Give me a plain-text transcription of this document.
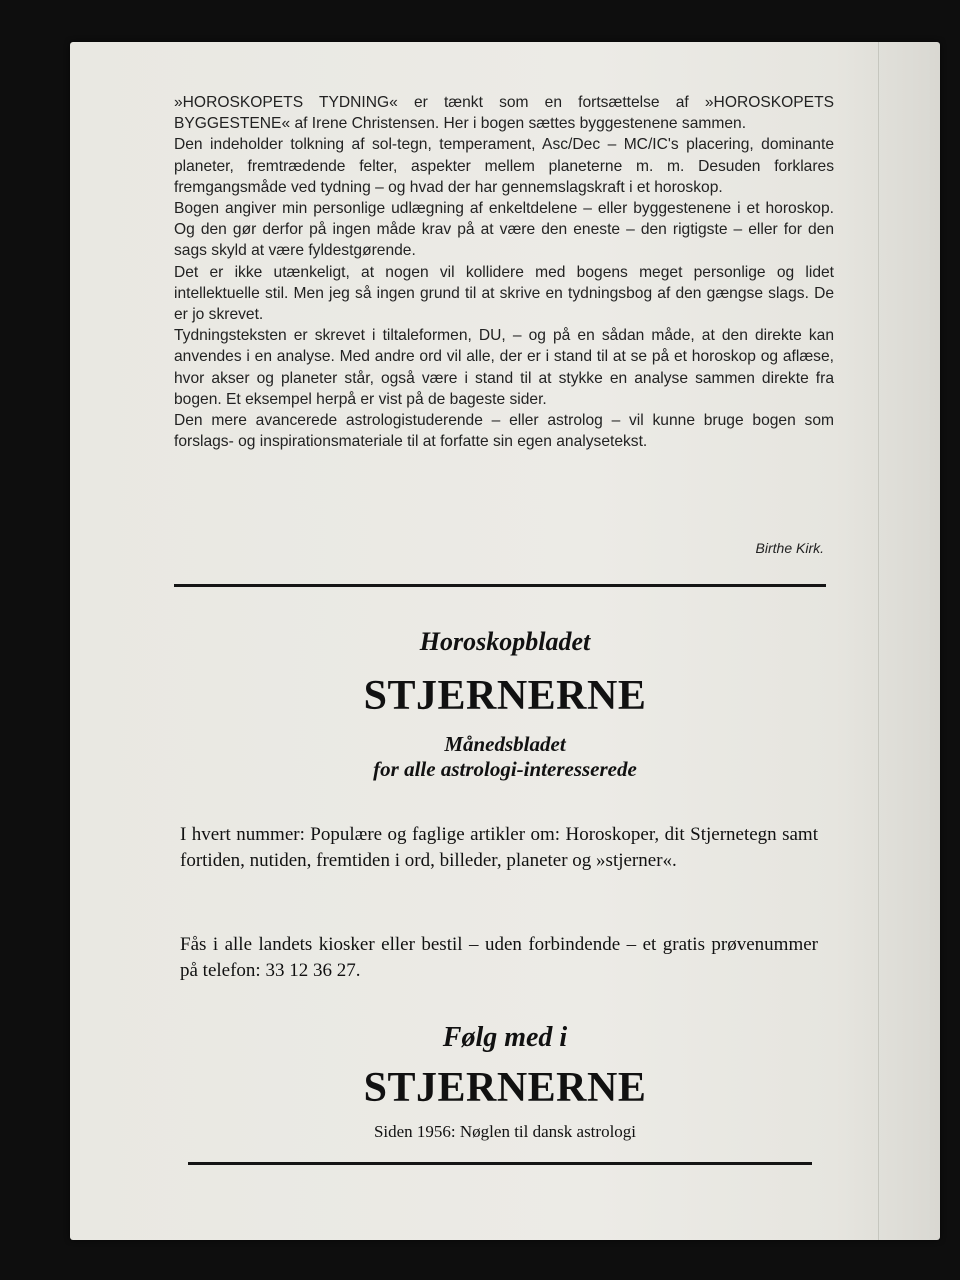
»HOROSKOPETS TYDNING« er tænkt som en fortsættelse af »HOROSKOPETS BYGGESTENE« af Irene Christensen. Her i bogen sættes byggestenene sammen.

Den indeholder tolkning af sol-tegn, temperament, Asc/Dec – MC/IC's placering, dominante planeter, fremtrædende felter, aspekter mellem planeterne m. m. Desuden forklares fremgangsmåde ved tydning – og hvad der har gennemslagskraft i et horoskop.

Bogen angiver min personlige udlægning af enkeltdelene – eller byggestenene i et horoskop. Og den gør derfor på ingen måde krav på at være den eneste – den rigtigste – eller for den sags skyld at være fyldestgørende.

Det er ikke utænkeligt, at nogen vil kollidere med bogens meget personlige og lidet intellektuelle stil. Men jeg så ingen grund til at skrive en tydningsbog af den gængse slags. De er jo skrevet.

Tydningsteksten er skrevet i tiltaleformen, DU, – og på en sådan måde, at den direkte kan anvendes i en analyse. Med andre ord vil alle, der er i stand til at se på et horoskop og aflæse, hvor akser og planeter står, også være i stand til at stykke en analyse sammen direkte fra bogen. Et eksempel herpå er vist på de bageste sider.

Den mere avancerede astrologistuderende – eller astrolog – vil kunne bruge bogen som forslags- og inspirationsmateriale til at forfatte sin egen analysetekst.

Birthe Kirk.
Horoskopbladet
STJERNERNE
Månedsbladet
for alle astrologi-interesserede
I hvert nummer: Populære og faglige artikler om: Horoskoper, dit Stjernetegn samt fortiden, nutiden, fremtiden i ord, billeder, planeter og »stjerner«.
Fås i alle landets kiosker eller bestil – uden forbindende – et gratis prøvenummer på telefon: 33 12 36 27.
Følg med i
STJERNERNE
Siden 1956: Nøglen til dansk astrologi
